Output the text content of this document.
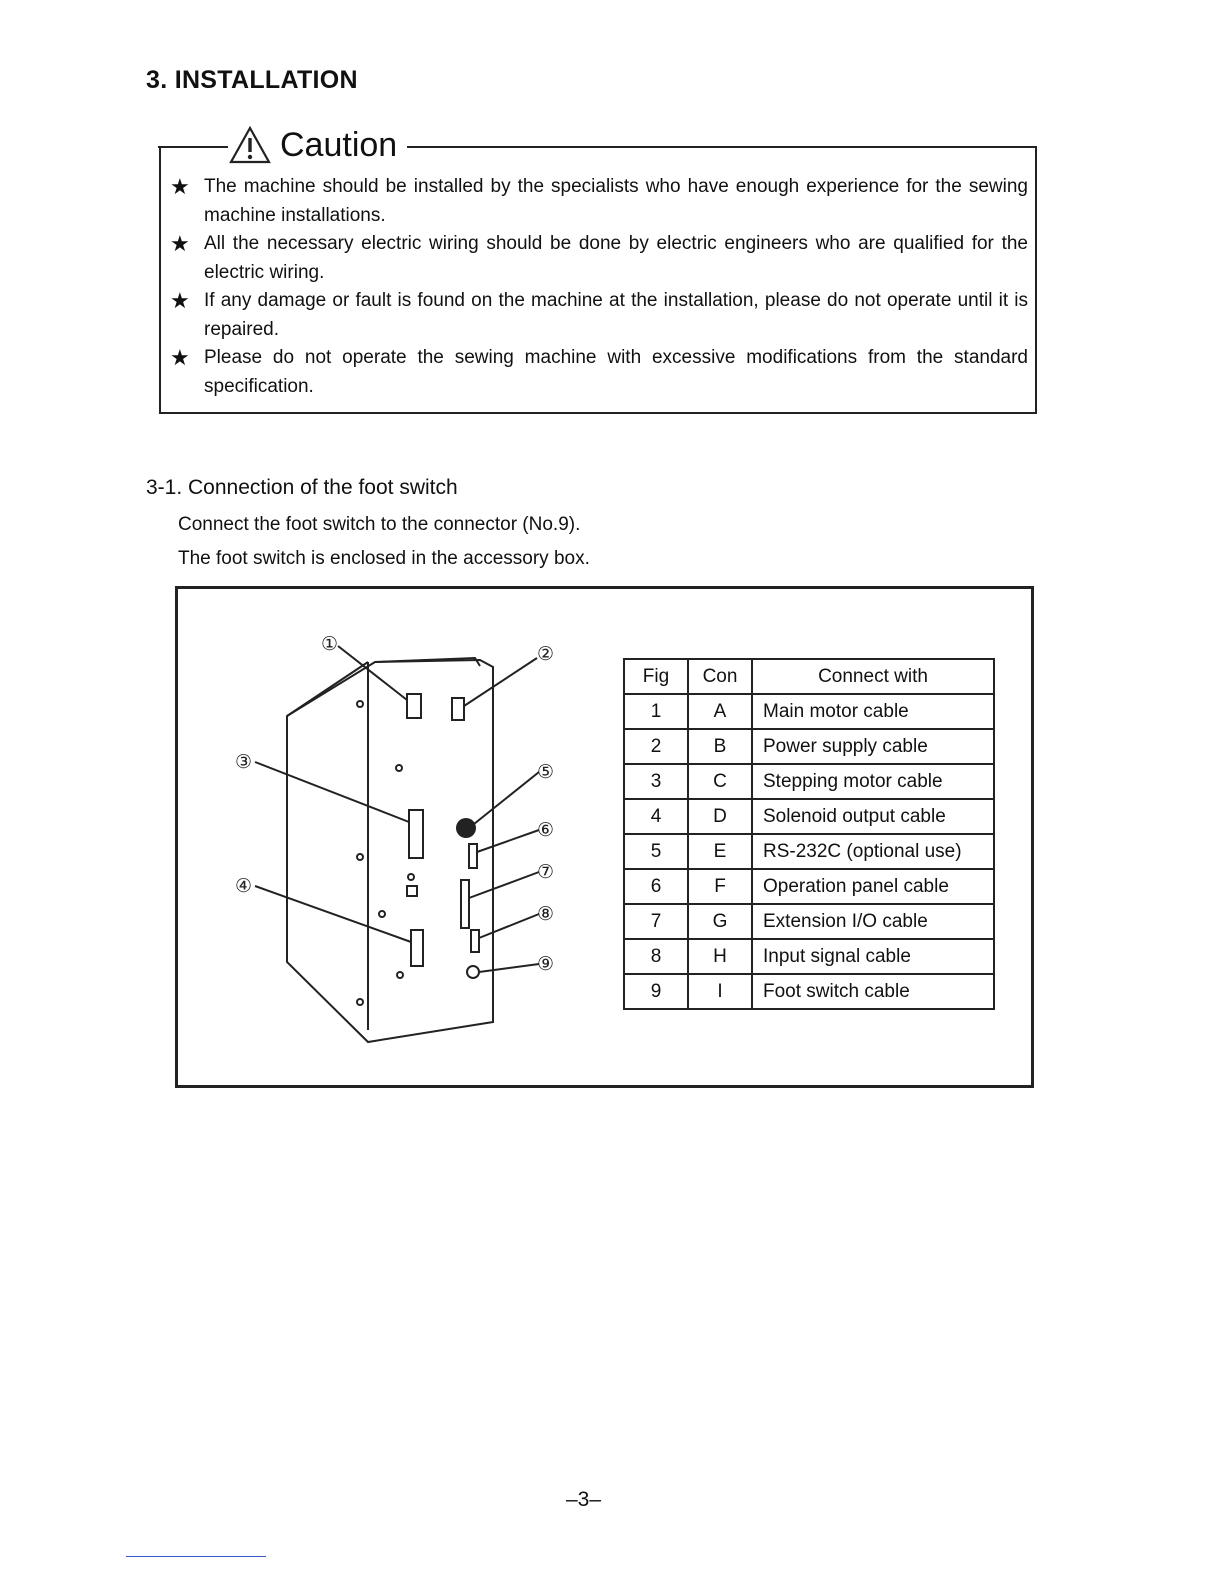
3. INSTALLATION
Caution
★ The machine should be installed by the specialists who have enough experience for the sewing machine installations.
★ All the necessary electric wiring should be done by electric engineers who are qualified for the electric wiring.
★ If any damage or fault is found on the machine at the installation, please do not operate until it is repaired.
★ Please do not operate the sewing machine with excessive modifications from the standard specification.
3-1. Connection of the foot switch
Connect the foot switch to the connector (No.9).
The foot switch is enclosed in the accessory box.
①	②
③
④
⑤
⑥
⑦
⑧
⑨
Fig	Con	Connect with
1	A	Main motor cable
2	B	Power supply cable
3	C	Stepping motor cable
4	D	Solenoid output cable
5	E	RS-232C (optional use)
6	F	Operation panel cable
7	G	Extension I/O cable
8	H	Input signal cable
9	I	Foot switch cable
–3–
